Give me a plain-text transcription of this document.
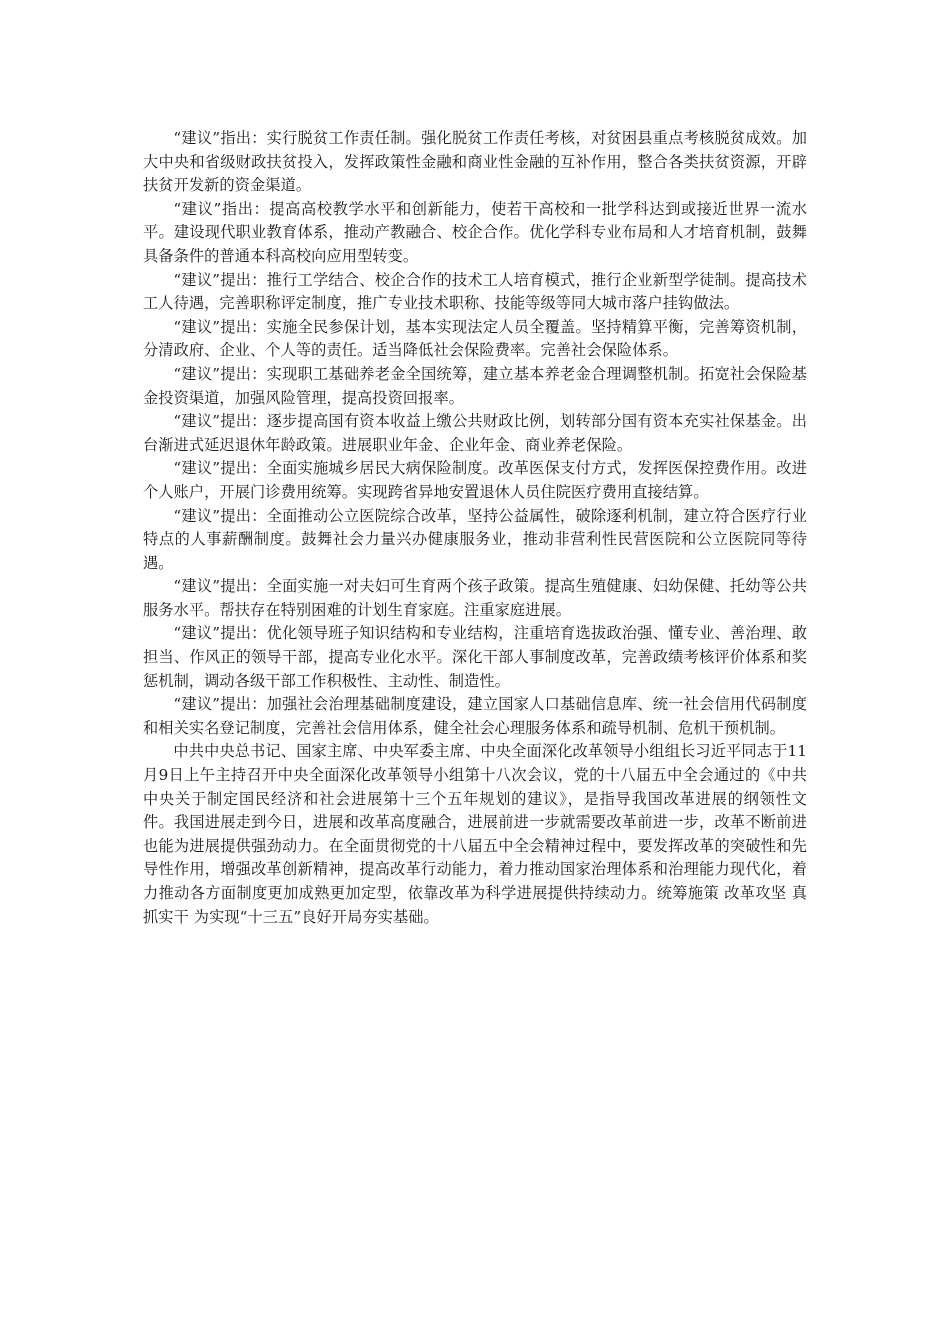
“建议”指出：实行脱贫工作责任制。强化脱贫工作责任考核，对贫困县重点考核脱贫成效。加大中央和省级财政扶贫投入，发挥政策性金融和商业性金融的互补作用，整合各类扶贫资源，开辟扶贫开发新的资金渠道。

“建议”指出：提高高校教学水平和创新能力，使若干高校和一批学科达到或接近世界一流水平。建设现代职业教育体系，推动产教融合、校企合作。优化学科专业布局和人才培育机制，鼓舞具备条件的普通本科高校向应用型转变。

“建议”提出：推行工学结合、校企合作的技术工人培育模式，推行企业新型学徒制。提高技术工人待遇，完善职称评定制度，推广专业技术职称、技能等级等同大城市落户挂钩做法。

“建议”提出：实施全民参保计划，基本实现法定人员全覆盖。坚持精算平衡，完善筹资机制，分清政府、企业、个人等的责任。适当降低社会保险费率。完善社会保险体系。

“建议”提出：实现职工基础养老金全国统筹，建立基本养老金合理调整机制。拓宽社会保险基金投资渠道，加强风险管理，提高投资回报率。

“建议”提出：逐步提高国有资本收益上缴公共财政比例，划转部分国有资本充实社保基金。出台渐进式延迟退休年龄政策。进展职业年金、企业年金、商业养老保险。

“建议”提出：全面实施城乡居民大病保险制度。改革医保支付方式，发挥医保控费作用。改进个人账户，开展门诊费用统筹。实现跨省异地安置退休人员住院医疗费用直接结算。

“建议”提出：全面推动公立医院综合改革，坚持公益属性，破除逐利机制，建立符合医疗行业特点的人事薪酬制度。鼓舞社会力量兴办健康服务业，推动非营利性民营医院和公立医院同等待遇。

“建议”提出：全面实施一对夫妇可生育两个孩子政策。提高生殖健康、妇幼保健、托幼等公共服务水平。帮扶存在特别困难的计划生育家庭。注重家庭进展。

“建议”提出：优化领导班子知识结构和专业结构，注重培育选拔政治强、懂专业、善治理、敢担当、作风正的领导干部，提高专业化水平。深化干部人事制度改革，完善政绩考核评价体系和奖惩机制，调动各级干部工作积极性、主动性、制造性。

“建议”提出：加强社会治理基础制度建设，建立国家人口基础信息库、统一社会信用代码制度和相关实名登记制度，完善社会信用体系，健全社会心理服务体系和疏导机制、危机干预机制。

中共中央总书记、国家主席、中央军委主席、中央全面深化改革领导小组组长习近平同志于11月9日上午主持召开中央全面深化改革领导小组第十八次会议，党的十八届五中全会通过的《中共中央关于制定国民经济和社会进展第十三个五年规划的建议》，是指导我国改革进展的纲领性文件。我国进展走到今日，进展和改革高度融合，进展前进一步就需要改革前进一步，改革不断前进也能为进展提供强劲动力。在全面贯彻党的十八届五中全会精神过程中，要发挥改革的突破性和先导性作用，增强改革创新精神，提高改革行动能力，着力推动国家治理体系和治理能力现代化，着力推动各方面制度更加成熟更加定型，依靠改革为科学进展提供持续动力。统筹施策 改革攻坚 真抓实干 为实现“十三五”良好开局夯实基础。
